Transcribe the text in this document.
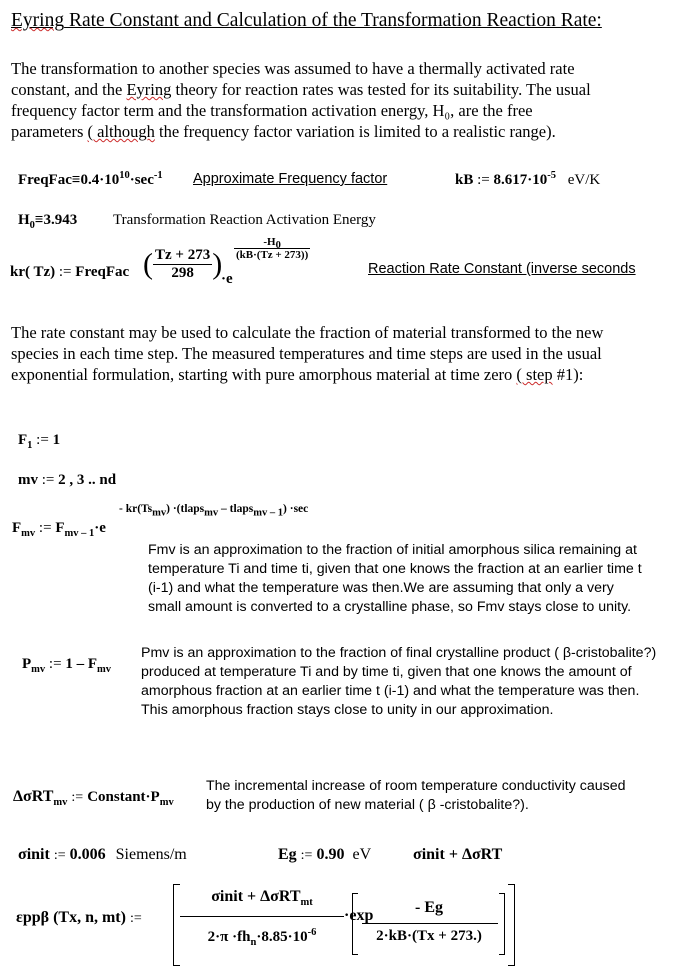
Eyring Rate Constant and Calculation of the Transformation Reaction Rate:
The transformation to another species was assumed to have a thermally activated rate
constant, and the Eyring theory for reaction rates was tested for its suitability. The usual
frequency factor term and the transformation activation energy, H₀, are the free
parameters ( although the frequency factor variation is limited to a realistic range).
$FreqFac\equiv 0.4\cdot 10^{10}\cdot\sec^{-1}$ Approximate Frequency factor	kB := $8.617\cdot 10^{-5}$ eV/K
$H_0\equiv 3.943$ Transformation Reaction Activation Energy
kr( Tz) := FreqFac ( $\frac{Tz + 273}{298}$ )
·e
$\frac{-H_0}{(kB\cdot(Tz + 273))}$
Reaction Rate Constant (inverse seconds
The rate constant may be used to calculate the fraction of material transformed to the new
species in each time step. The measured temperatures and time steps are used in the usual
exponential formulation, starting with pure amorphous material at time zero ( step #1):
$F_1$ := 1
mv := 2 , 3 .. nd
$F_{mv}$ := $F_{mv - 1}\cdot e$
- $kr(Ts_{mv})$ ·(tlaps$_{mv}$ – tlaps$_{mv - 1}$) ·sec
Fmv is an approximation to the fraction of initial amorphous silica remaining at temperature Ti and time ti, given that one knows the fraction at an earlier time t (i-1) and what the temperature was then.We are assuming that only a very small amount is converted to a crystalline phase, so Fmv stays close to unity.
$P_{mv}$ := $1 - F_{mv}$
Pmv is an approximation to the fraction of final crystalline product ( β-cristobalite?) produced at temperature Ti and by time ti, given that one knows the amount of amorphous fraction at an earlier time t (i-1) and what the temperature was then. This amorphous fraction stays close to unity in our approximation.
ΔσRT$_{mv}$ := $Constant\cdot P_{mv}$
The incremental increase of room temperature conductivity caused
by the production of new material ( β -cristobalite?).
σinit := 0.006 Siemens/m	Eg := 0.90 eV	σinit + ΔσRT
εppβ (Tx, n, mt) :=
σinit + ΔσRT$_{mt}$
$2\cdot\pi \cdot fh_n\cdot 8.85\cdot 10^{-6}$
·exp	- Eg
2·kB·(Tx + 273.)
